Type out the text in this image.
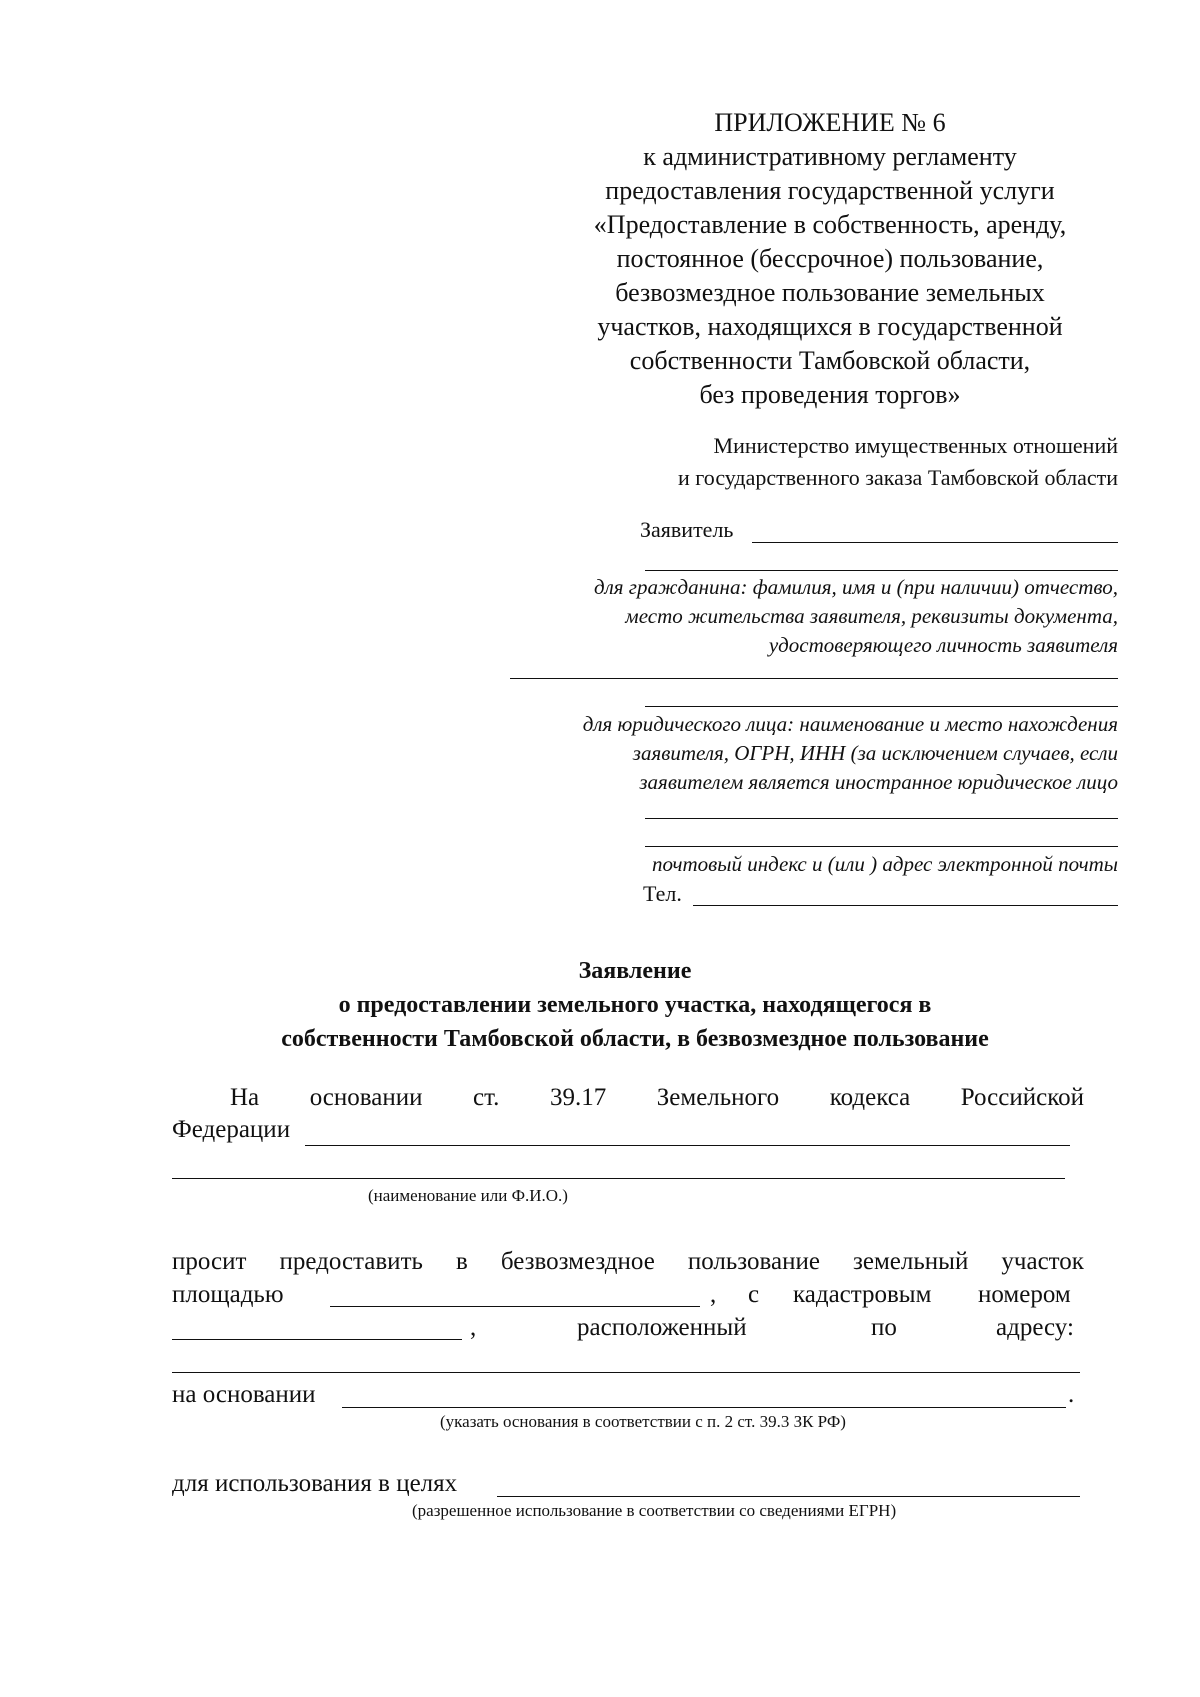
ПРИЛОЖЕНИЕ № 6
к административному регламенту
предоставления государственной услуги
«Предоставление в собственность, аренду,
постоянное (бессрочное) пользование,
безвозмездное пользование земельных
участков, находящихся в государственной
собственности Тамбовской области,
без проведения торгов»
Министерство имущественных отношений
и государственного заказа Тамбовской области
Заявитель
для гражданина: фамилия, имя и (при наличии) отчество,
место жительства заявителя, реквизиты документа,
удостоверяющего личность заявителя
для юридического лица: наименование и место нахождения
заявителя, ОГРН, ИНН (за исключением случаев, если
заявителем является иностранное юридическое лицо
почтовый индекс и (или ) адрес электронной почты
Тел.
Заявление
о предоставлении земельного участка, находящегося в
собственности Тамбовской области, в безвозмездное пользование
На основании ст. 39.17 Земельного кодекса Российской
Федерации
(наименование или Ф.И.О.)
просит предоставить в безвозмездное пользование земельный участок
площадью	, с кадастровым номером
,	расположенный	по	адресу:
на основании	.
(указать основания в соответствии с п. 2 ст. 39.3 ЗК РФ)
для использования в целях
(разрешенное использование в соответствии со сведениями ЕГРН)
